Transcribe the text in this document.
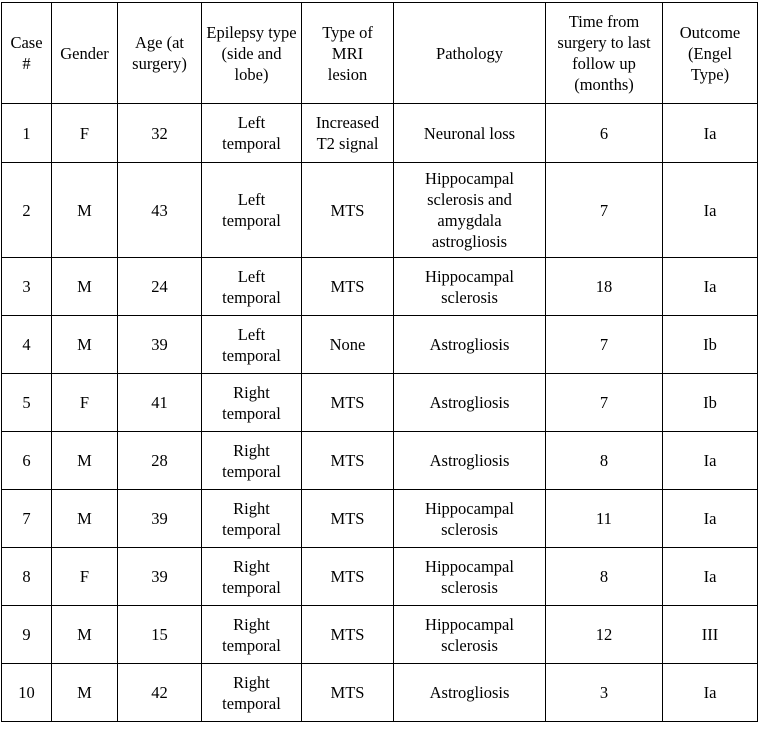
Case #	Gender	Age (at surgery)	Epilepsy type (side and lobe)	Type of MRI lesion	Pathology	Time from surgery to last follow up (months)	Outcome (Engel Type)

1	F	32	Left temporal	Increased T2 signal	Neuronal loss	6	Ia
2	M	43	Left temporal	MTS	Hippocampal sclerosis and amygdala astrogliosis	7	Ia
3	M	24	Left temporal	MTS	Hippocampal sclerosis	18	Ia
4	M	39	Left temporal	None	Astrogliosis	7	Ib
5	F	41	Right temporal	MTS	Astrogliosis	7	Ib
6	M	28	Right temporal	MTS	Astrogliosis	8	Ia
7	M	39	Right temporal	MTS	Hippocampal sclerosis	11	Ia
8	F	39	Right temporal	MTS	Hippocampal sclerosis	8	Ia
9	M	15	Right temporal	MTS	Hippocampal sclerosis	12	III
10	M	42	Right temporal	MTS	Astrogliosis	3	Ia
